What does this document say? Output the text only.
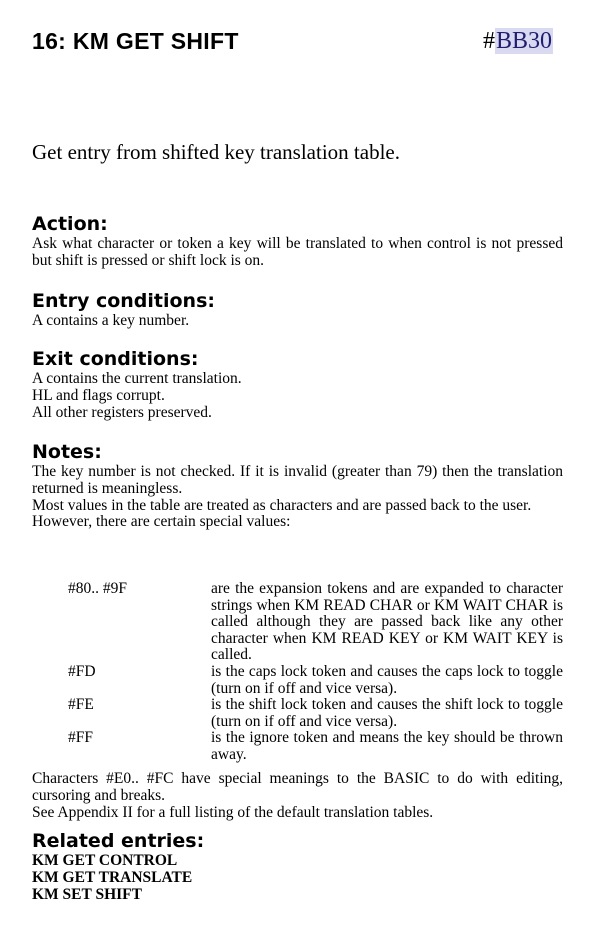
16: KM GET SHIFT	#BB30
Get entry from shifted key translation table.
Action:
Ask what character or token a key will be translated to when control is not pressed but shift is pressed or shift lock is on.
Entry conditions:
A contains a key number.
Exit conditions:

A contains the current translation.

HL and flags corrupt.

All other registers preserved.

Notes:

The key number is not checked. If it is invalid (greater than 79) then the translation

returned is meaningless.

Most values in the table are treated as characters and are passed back to the user.

However, there are certain special values:

#80.. #9F	are the expansion tokens and are expanded to character strings when KM READ CHAR or KM WAIT CHAR is called although they are passed back like any other character when KM READ KEY or KM WAIT KEY is called.
#FD	is the caps lock token and causes the caps lock to toggle (turn on if off and vice versa).
#FE	is the shift lock token and causes the shift lock to toggle (turn on if off and vice versa).
#FF	is the ignore token and means the key should be thrown away.

Characters #E0.. #FC have special meanings to the BASIC to do with editing, cursoring and breaks.

See Appendix II for a full listing of the default translation tables.

Related entries:
KM GET CONTROL
KM GET TRANSLATE
KM SET SHIFT
